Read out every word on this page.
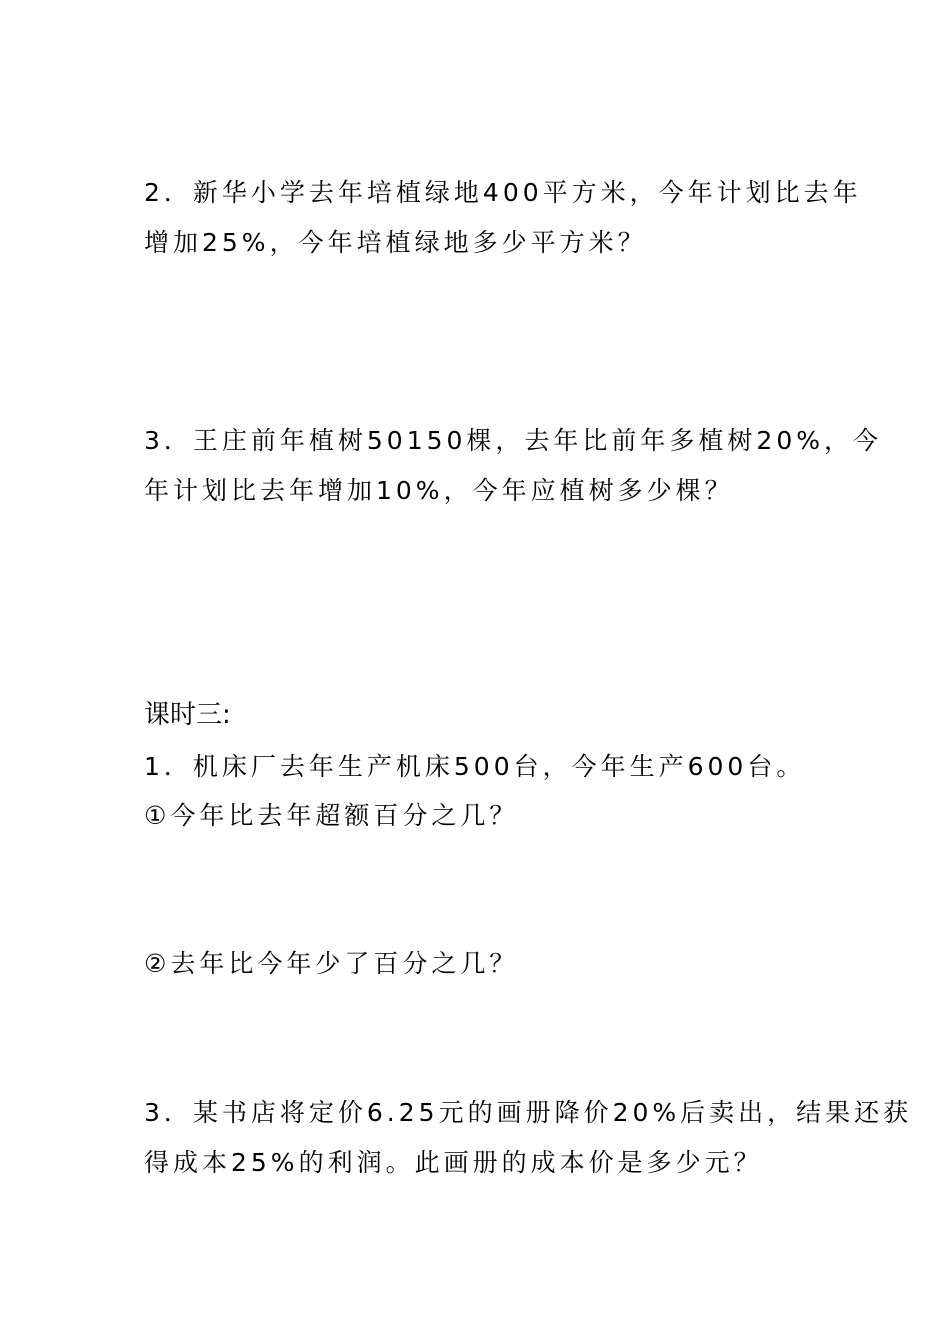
2．新华小学去年培植绿地400平方米，今年计划比去年
增加25%，今年培植绿地多少平方米？
3．王庄前年植树50150棵，去年比前年多植树20%，今
年计划比去年增加10%，今年应植树多少棵？
课时三:
1．机床厂去年生产机床500台，今年生产600台。
①今年比去年超额百分之几？
②去年比今年少了百分之几？
3．某书店将定价6.25元的画册降价20%后卖出，结果还获
得成本25%的利润。此画册的成本价是多少元？
